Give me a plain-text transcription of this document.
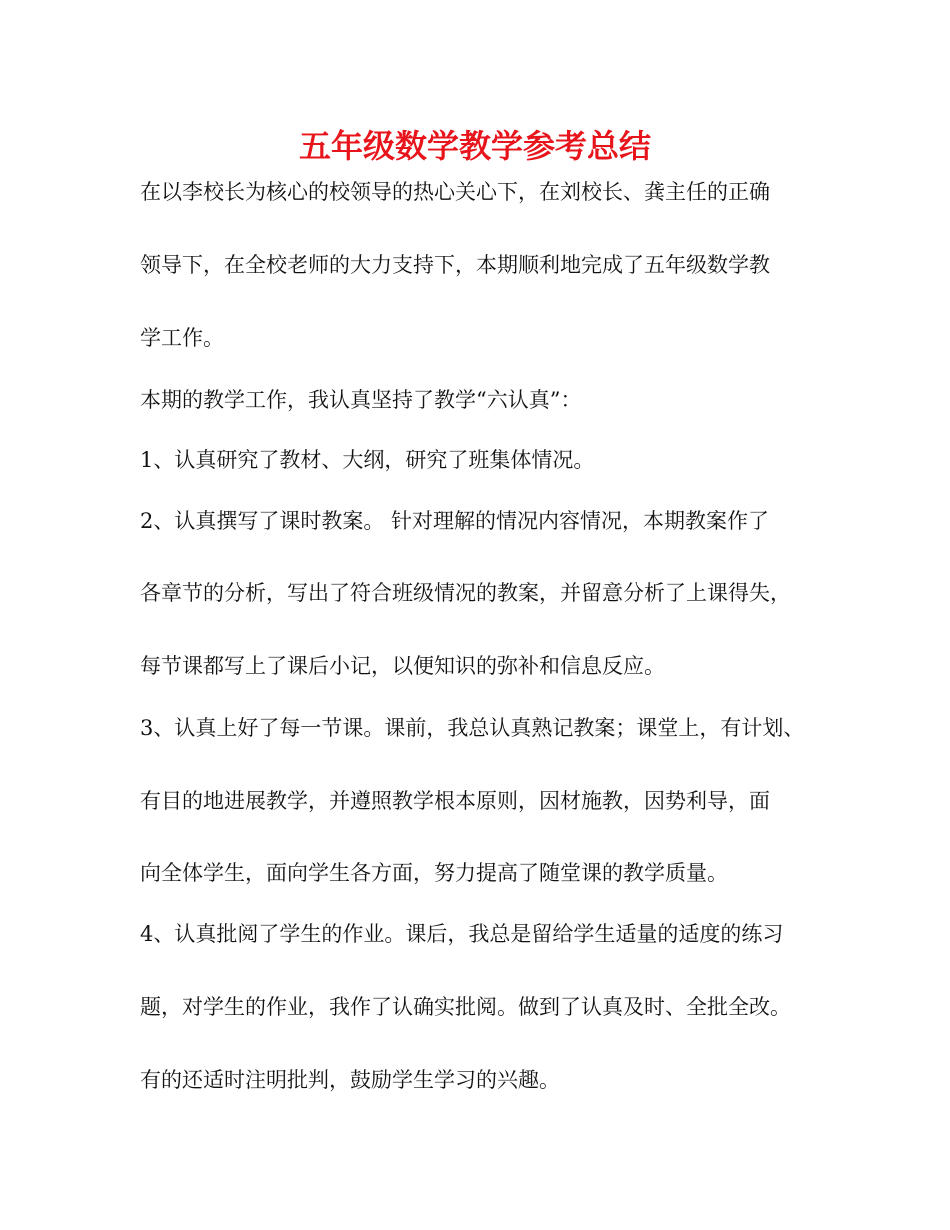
五年级数学教学参考总结
在以李校长为核心的校领导的热心关心下，在刘校长、龚主任的正确
领导下，在全校老师的大力支持下，本期顺利地完成了五年级数学教
学工作。
本期的教学工作，我认真坚持了教学“六认真”：
1、认真研究了教材、大纲，研究了班集体情况。
2、认真撰写了课时教案。 针对理解的情况内容情况，本期教案作了
各章节的分析，写出了符合班级情况的教案，并留意分析了上课得失，
每节课都写上了课后小记，以便知识的弥补和信息反应。
3、认真上好了每一节课。课前，我总认真熟记教案；课堂上，有计划、
有目的地进展教学，并遵照教学根本原则，因材施教，因势利导，面
向全体学生，面向学生各方面，努力提高了随堂课的教学质量。
4、认真批阅了学生的作业。课后，我总是留给学生适量的适度的练习
题，对学生的作业，我作了认确实批阅。做到了认真及时、全批全改。
有的还适时注明批判，鼓励学生学习的兴趣。
